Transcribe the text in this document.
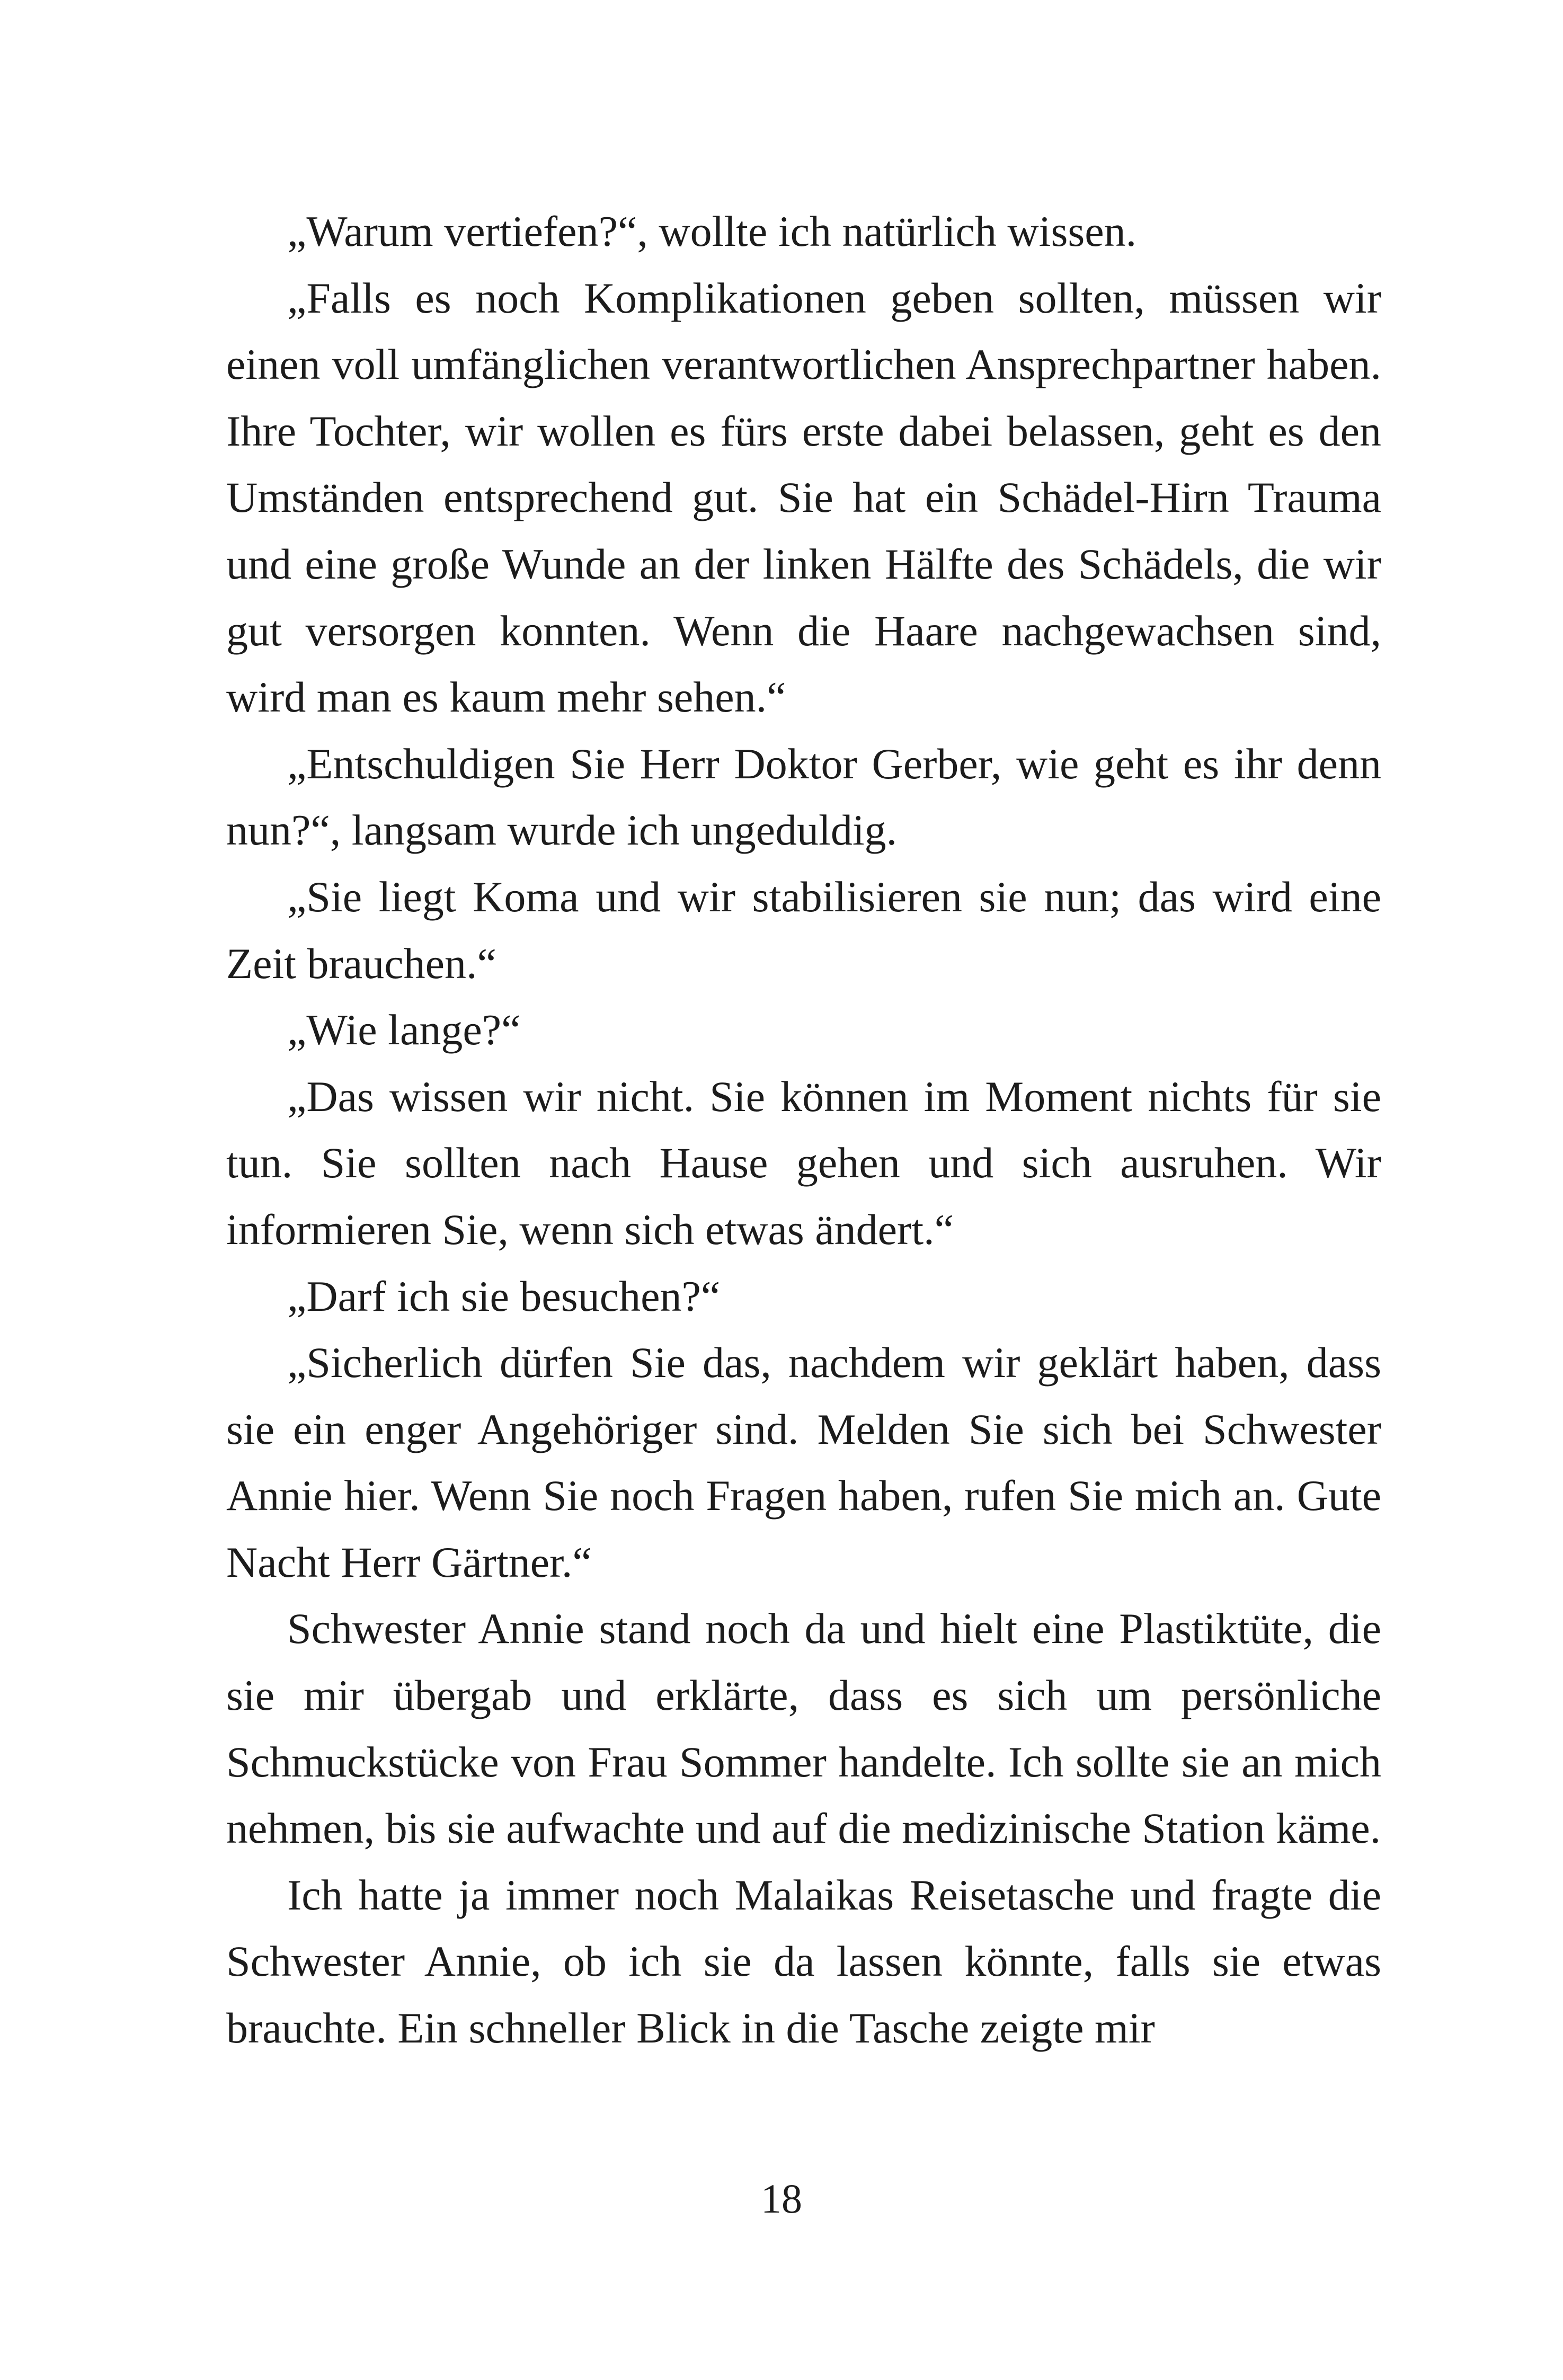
„Warum vertiefen?“, wollte ich natürlich wissen.

„Falls es noch Komplikationen geben sollten, müssen wir einen voll umfänglichen verantwortlichen Ansprechpartner haben. Ihre Tochter, wir wollen es fürs erste dabei belassen, geht es den Umständen entsprechend gut. Sie hat ein Schädel-Hirn Trauma und eine große Wunde an der linken Hälfte des Schädels, die wir gut versorgen konnten. Wenn die Haare nachgewachsen sind, wird man es kaum mehr sehen.“

„Entschuldigen Sie Herr Doktor Gerber, wie geht es ihr denn nun?“, langsam wurde ich ungeduldig.

„Sie liegt Koma und wir stabilisieren sie nun; das wird eine Zeit brauchen.“

„Wie lange?“

„Das wissen wir nicht. Sie können im Moment nichts für sie tun. Sie sollten nach Hause gehen und sich ausruhen. Wir informieren Sie, wenn sich etwas ändert.“

„Darf ich sie besuchen?“

„Sicherlich dürfen Sie das, nachdem wir geklärt haben, dass sie ein enger Angehöriger sind. Melden Sie sich bei Schwester Annie hier. Wenn Sie noch Fragen haben, rufen Sie mich an. Gute Nacht Herr Gärtner.“

Schwester Annie stand noch da und hielt eine Plastiktüte, die sie mir übergab und erklärte, dass es sich um persönliche Schmuckstücke von Frau Sommer handelte. Ich sollte sie an mich nehmen, bis sie aufwachte und auf die medizinische Station käme.

Ich hatte ja immer noch Malaikas Reisetasche und fragte die Schwester Annie, ob ich sie da lassen könnte, falls sie etwas brauchte. Ein schneller Blick in die Tasche zeigte mir

18
